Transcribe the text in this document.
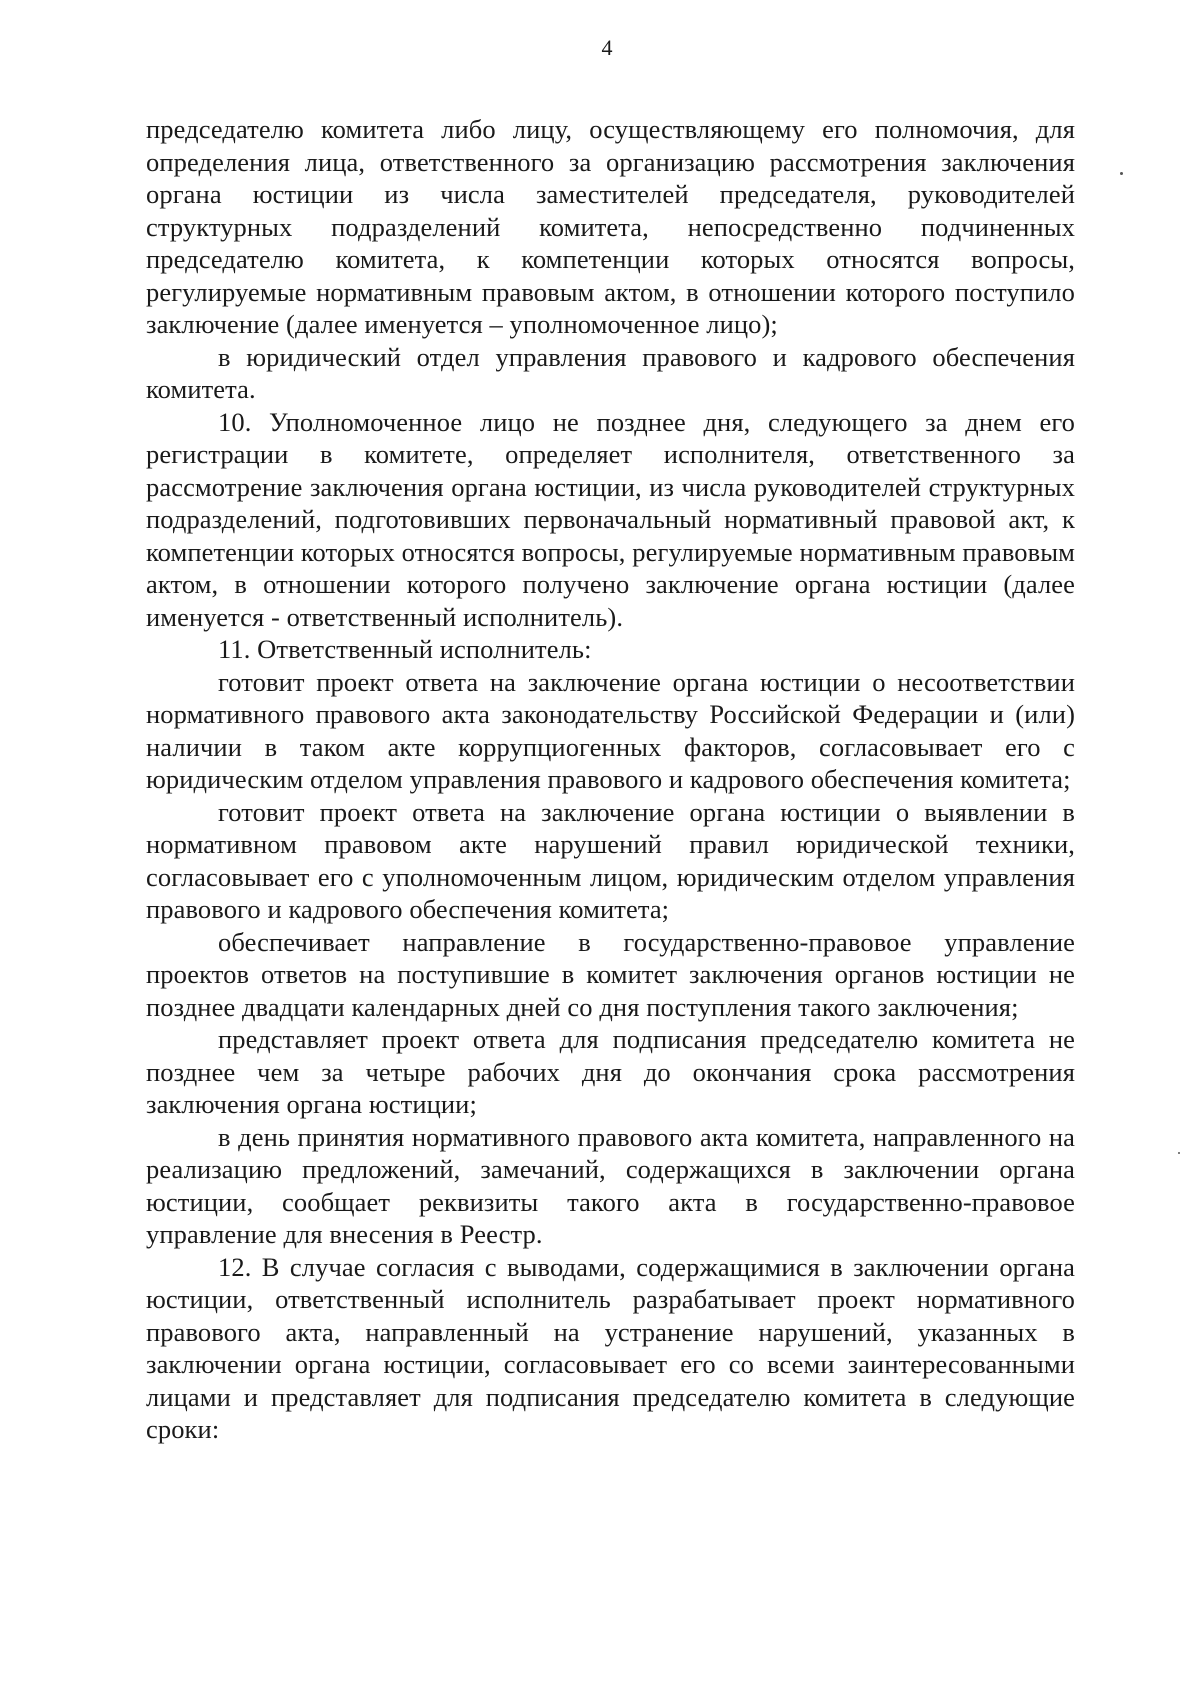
4

председателю комитета либо лицу, осуществляющему его полномочия, для определения лица, ответственного за организацию рассмотрения заключения органа юстиции из числа заместителей председателя, руководителей структурных подразделений комитета, непосредственно подчиненных председателю комитета, к компетенции которых относятся вопросы, регулируемые нормативным правовым актом, в отношении которого поступило заключение (далее именуется – уполномоченное лицо);

в юридический отдел управления правового и кадрового обеспечения комитета.

10. Уполномоченное лицо не позднее дня, следующего за днем его регистрации в комитете, определяет исполнителя, ответственного за рассмотрение заключения органа юстиции, из числа руководителей структурных подразделений, подготовивших первоначальный нормативный правовой акт, к компетенции которых относятся вопросы, регулируемые нормативным правовым актом, в отношении которого получено заключение органа юстиции (далее именуется - ответственный исполнитель).

11. Ответственный исполнитель:

готовит проект ответа на заключение органа юстиции о несоответствии нормативного правового акта законодательству Российской Федерации и (или) наличии в таком акте коррупциогенных факторов, согласовывает его с юридическим отделом управления правового и кадрового обеспечения комитета;

готовит проект ответа на заключение органа юстиции о выявлении в нормативном правовом акте нарушений правил юридической техники, согласовывает его с уполномоченным лицом, юридическим отделом управления правового и кадрового обеспечения комитета;

обеспечивает направление в государственно-правовое управление проектов ответов на поступившие в комитет заключения органов юстиции не позднее двадцати календарных дней со дня поступления такого заключения;

представляет проект ответа для подписания председателю комитета не позднее чем за четыре рабочих дня до окончания срока рассмотрения заключения органа юстиции;

в день принятия нормативного правового акта комитета, направленного на реализацию предложений, замечаний, содержащихся в заключении органа юстиции, сообщает реквизиты такого акта в государственно-правовое управление для внесения в Реестр.

12. В случае согласия с выводами, содержащимися в заключении органа юстиции, ответственный исполнитель разрабатывает проект нормативного правового акта, направленный на устранение нарушений, указанных в заключении органа юстиции, согласовывает его со всеми заинтересованными лицами и представляет для подписания председателю комитета в следующие сроки:
